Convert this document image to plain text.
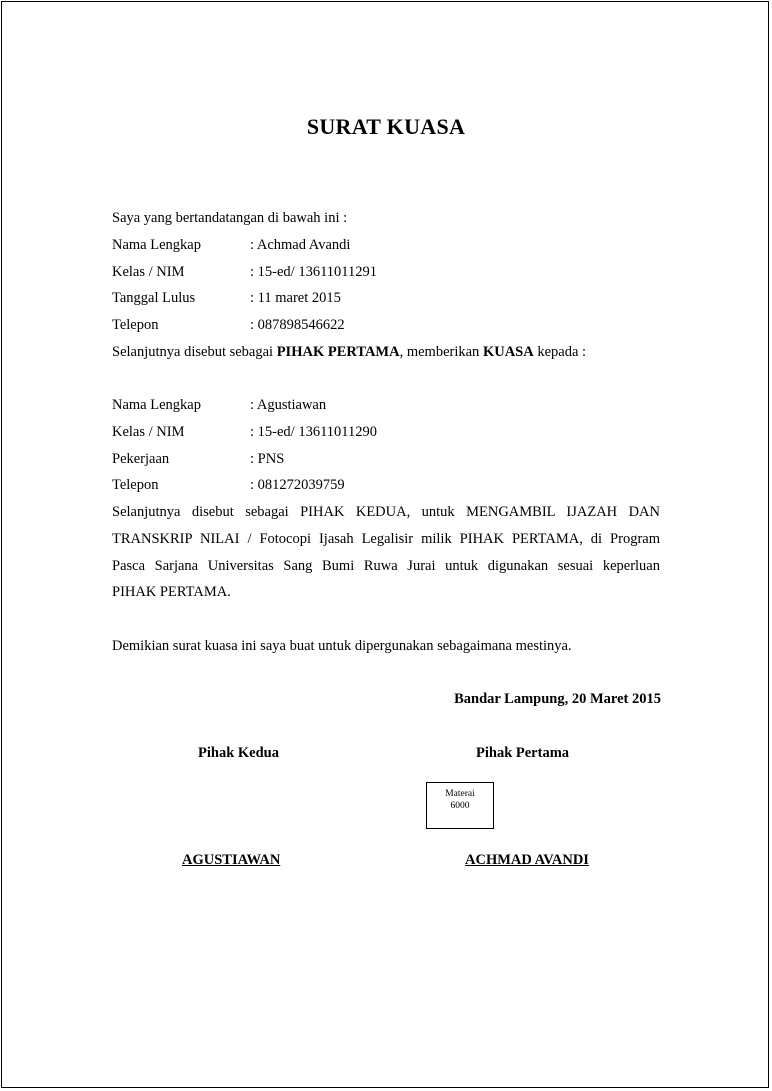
SURAT KUASA
Saya yang bertandatangan di bawah ini :
Nama Lengkap	: Achmad Avandi
Kelas / NIM	: 15-ed/ 13611011291
Tanggal Lulus	: 11 maret 2015
Telepon	: 087898546622
Selanjutnya disebut sebagai PIHAK PERTAMA, memberikan KUASA kepada :
Nama Lengkap	: Agustiawan
Kelas / NIM	: 15-ed/ 13611011290
Pekerjaan	: PNS
Telepon	: 081272039759
Selanjutnya disebut sebagai PIHAK KEDUA, untuk MENGAMBIL IJAZAH DAN
TRANSKRIP NILAI / Fotocopi Ijasah Legalisir milik PIHAK PERTAMA, di Program
Pasca Sarjana Universitas Sang Bumi Ruwa Jurai untuk digunakan sesuai keperluan
PIHAK PERTAMA.
Demikian surat kuasa ini saya buat untuk dipergunakan sebagaimana mestinya.
Bandar Lampung, 20 Maret 2015
Pihak Kedua	Pihak Pertama
Materai
6000
AGUSTIAWAN	ACHMAD AVANDI
